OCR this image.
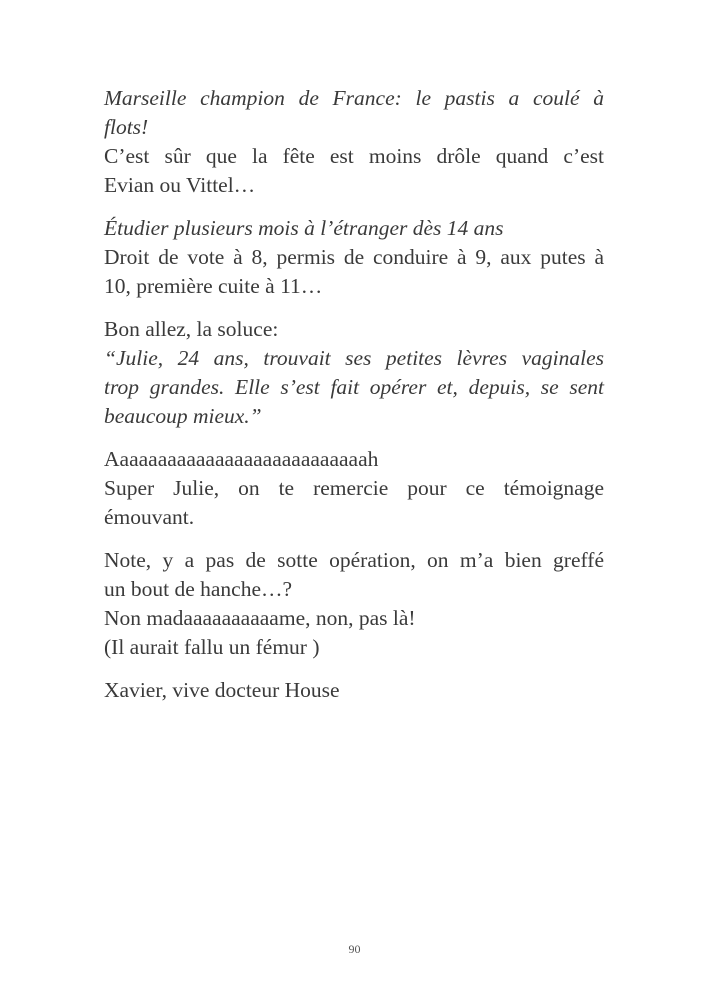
Marseille champion de France: le pastis a coulé à
flots!
C’est sûr que la fête est moins drôle quand c’est
Evian ou Vittel…
Étudier plusieurs mois à l’étranger dès 14 ans
Droit de vote à 8, permis de conduire à 9, aux putes à
10, première cuite à 11…
Bon allez, la soluce:
“Julie, 24 ans, trouvait ses petites lèvres vaginales
trop grandes. Elle s’est fait opérer et, depuis, se sent
beaucoup mieux.”
Aaaaaaaaaaaaaaaaaaaaaaaaaaah
Super Julie, on te remercie pour ce témoignage
émouvant.
Note, y a pas de sotte opération, on m’a bien greffé
un bout de hanche…?
Non madaaaaaaaaaame, non, pas là!
(Il aurait fallu un fémur )
Xavier, vive docteur House
90
